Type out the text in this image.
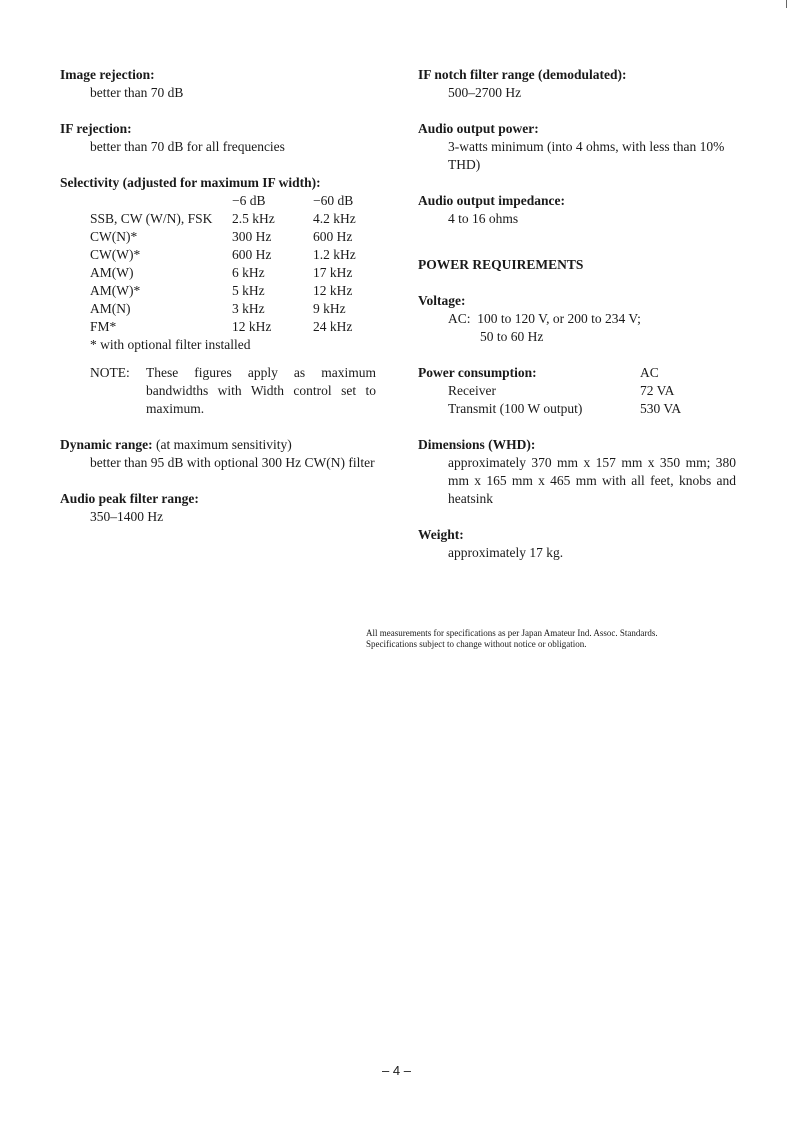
Image rejection:
better than 70 dB
IF rejection:
better than 70 dB for all frequencies
Selectivity (adjusted for maximum IF width):
	−6 dB	−60 dB
SSB, CW (W/N), FSK	2.5 kHz	4.2 kHz
CW(N)*	300 Hz	600 Hz
CW(W)*	600 Hz	1.2 kHz
AM(W)	6 kHz	17 kHz
AM(W)*	5 kHz	12 kHz
AM(N)	3 kHz	9 kHz
FM*	12 kHz	24 kHz
* with optional filter installed
NOTE:	These figures apply as maximum bandwidths with Width control set to maximum.
Dynamic range: (at maximum sensitivity)
better than 95 dB with optional 300 Hz CW(N) filter
Audio peak filter range:
350–1400 Hz
IF notch filter range (demodulated):
500–2700 Hz
Audio output power:
3-watts minimum (into 4 ohms, with less than 10% THD)
Audio output impedance:
4 to 16 ohms
POWER REQUIREMENTS
Voltage:
AC:  100 to 120 V, or 200 to 234 V;
50 to 60 Hz
Power consumption:	AC
Receiver	72 VA
Transmit (100 W output)	530 VA
Dimensions (WHD):
approximately 370 mm x 157 mm x 350 mm; 380 mm x 165 mm x 465 mm with all feet, knobs and heatsink
Weight:
approximately 17 kg.
All measurements for specifications as per Japan Amateur Ind. Assoc. Standards.
Specifications subject to change without notice or obligation.
– 4 –
